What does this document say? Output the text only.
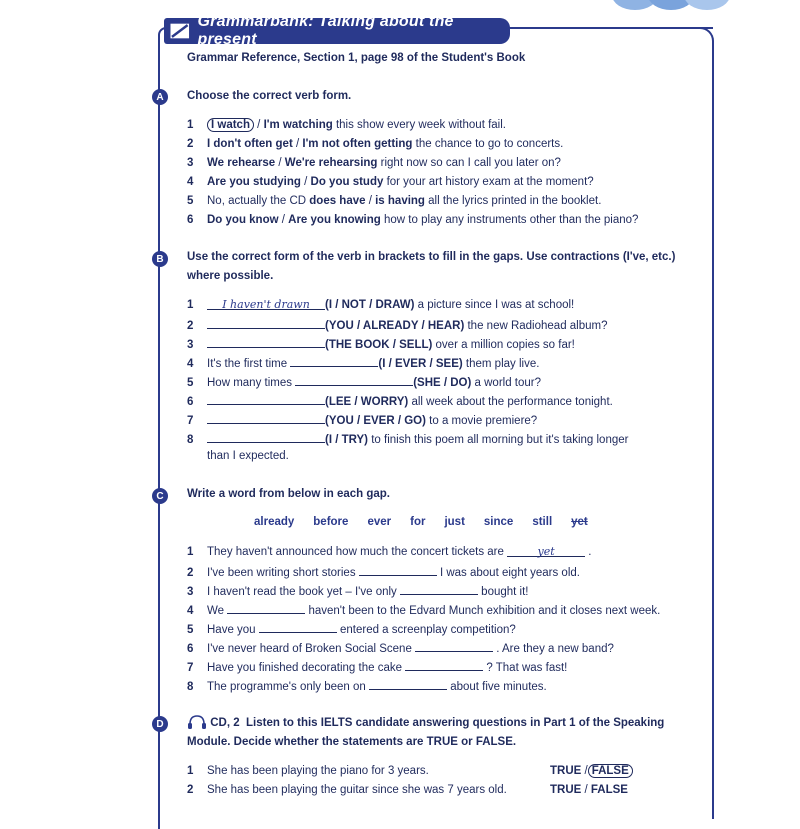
Grammarbank: Talking about the present
Grammar Reference, Section 1, page 98 of the Student's Book
A	Choose the correct verb form.
1 I watch / I'm watching this show every week without fail.
2 I don't often get / I'm not often getting the chance to go to concerts.
3 We rehearse / We're rehearsing right now so can I call you later on?
4 Are you studying / Do you study for your art history exam at the moment?
5 No, actually the CD does have / is having all the lyrics printed in the booklet.
6 Do you know / Are you knowing how to play any instruments other than the piano?
B	Use the correct form of the verb in brackets to fill in the gaps. Use contractions (I've, etc.) where possible.
1	I haven't drawn (I / NOT / DRAW) a picture since I was at school!
2	(YOU / ALREADY / HEAR) the new Radiohead album?
3	(THE BOOK / SELL) over a million copies so far!
4 It's the first time	(I / EVER / SEE) them play live.
5 How many times	(SHE / DO) a world tour?
6	(LEE / WORRY) all week about the performance tonight.
7	(YOU / EVER / GO) to a movie premiere?
8	(I / TRY) to finish this poem all morning but it's taking longer
than I expected.
C	Write a word from below in each gap.
already before ever for just since still yet
1 They haven't announced how much the concert tickets are	yet	.
2 I've been writing short stories	I was about eight years old.
3 I haven't read the book yet – I've only	bought it!
4 We	haven't been to the Edvard Munch exhibition and it closes next week.
5 Have you	entered a screenplay competition?
6 I've never heard of Broken Social Scene	. Are they a new band?
7 Have you finished decorating the cake	? That was fast!
8 The programme's only been on	about five minutes.
D	CD, 2 Listen to this IELTS candidate answering questions in Part 1 of the Speaking Module. Decide whether the statements are TRUE or FALSE.
1 She has been playing the piano for 3 years.	TRUE / FALSE
2 She has been playing the guitar since she was 7 years old.	TRUE / FALSE
